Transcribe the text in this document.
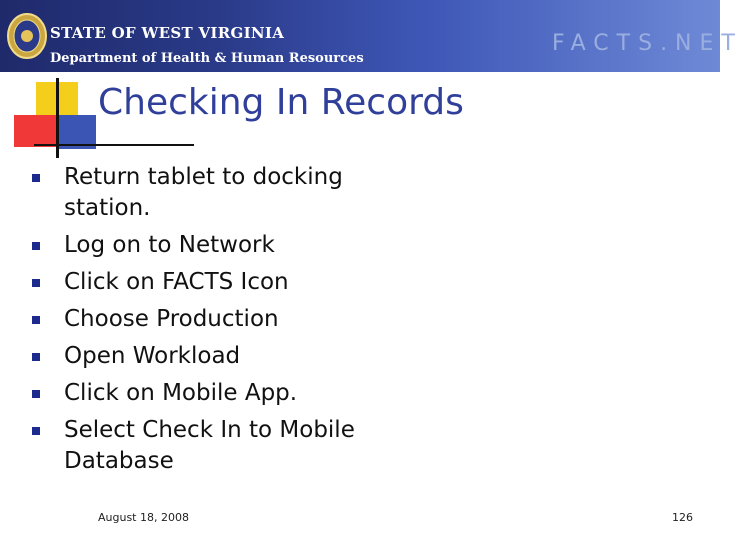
STATE OF WEST VIRGINIA
Department of Health & Human Resources
FACTS.NET
Checking In Records
Return tablet to docking station.
Log on to Network
Click on FACTS Icon
Choose Production
Open Workload
Click on Mobile App.
Select Check In to Mobile Database
August 18, 2008	126
